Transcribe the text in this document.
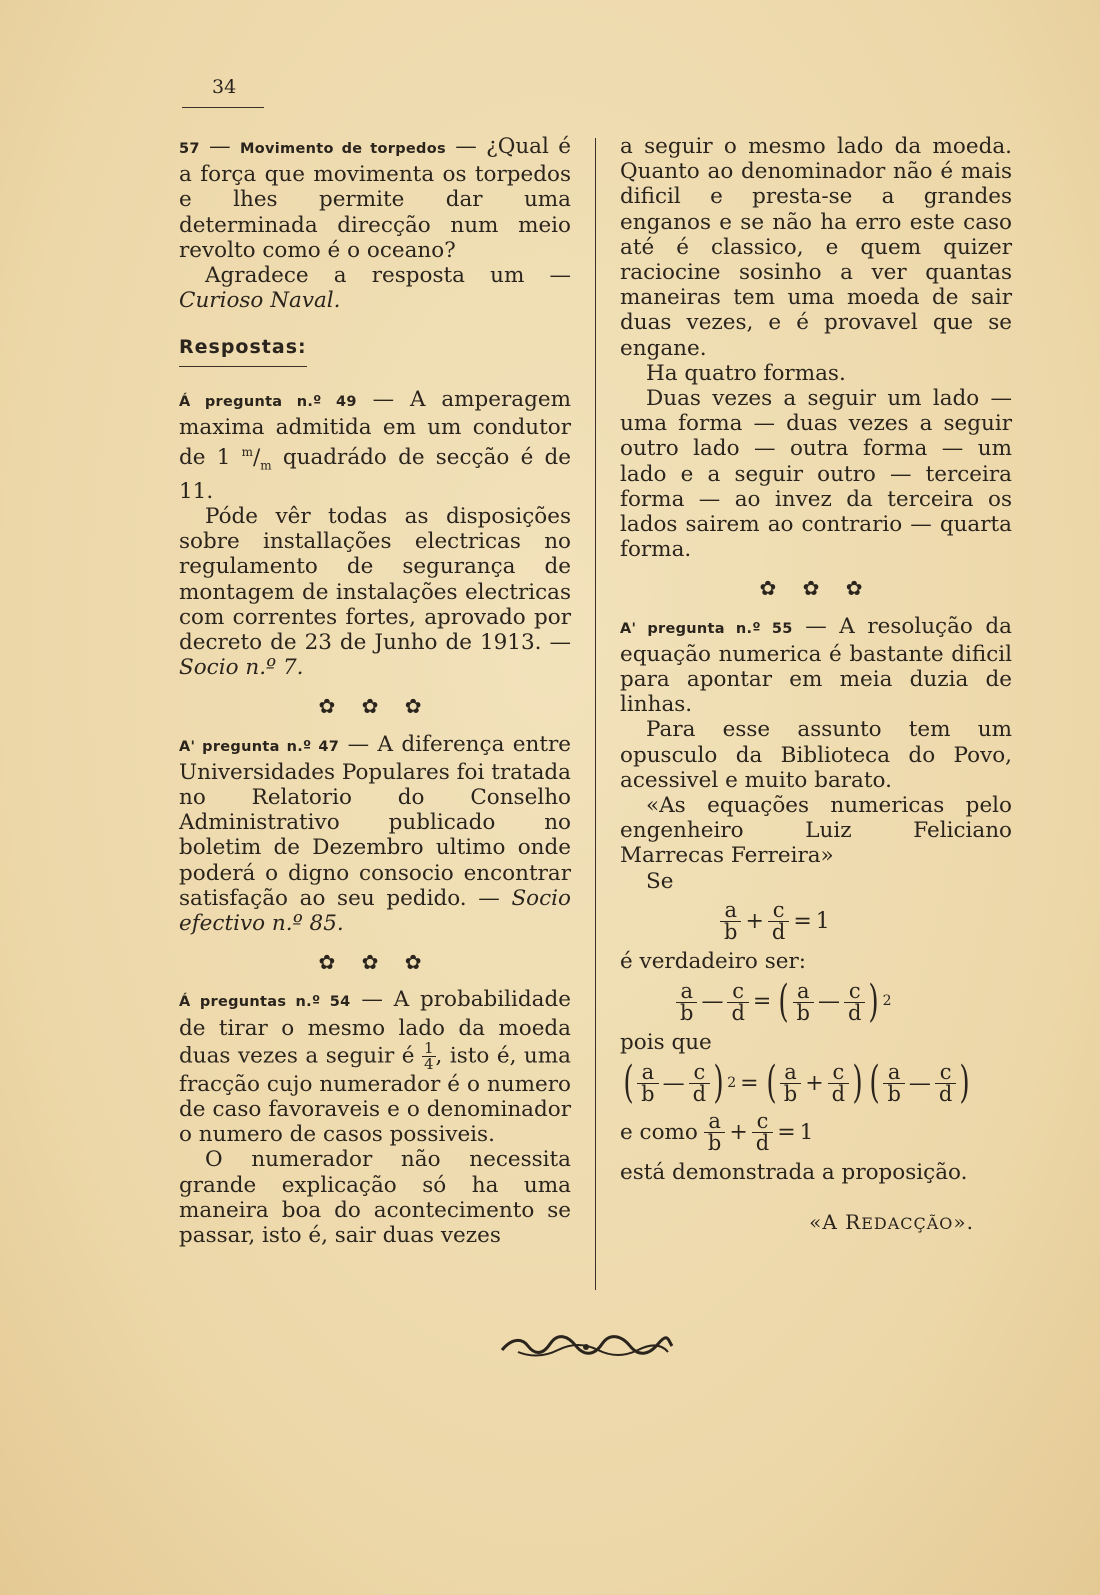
34

57 — Movimento de torpedos — ¿Qual é a força que movimenta os torpedos e lhes permite dar uma determinada direcção num meio revolto como é o oceano?

Agradece a resposta um — Curioso Naval.

Respostas:

Á pregunta n.º 49 — A amperagem maxima admitida em um condutor de 1 $^m/_m$ quadrádo de secção é de 11.

Póde vêr todas as disposições sobre installações electricas no regulamento de segurança de montagem de instalações electricas com correntes fortes, aprovado por decreto de 23 de Junho de 1913. — Socio n.º 7.

✿ ✿ ✿

A' pregunta n.º 47 — A diferença entre Universidades Populares foi tratada no Relatorio do Conselho Administrativo publicado no boletim de Dezembro ultimo onde poderá o digno consocio encontrar satisfação ao seu pedido. — Socio efectivo n.º 85.

✿ ✿ ✿

Á preguntas n.º 54 — A probabilidade de tirar o mesmo lado da moeda duas vezes a seguir é $\frac{1}{4}$ , isto é, uma fracção cujo numerador é o numero de caso favoraveis e o denominador o numero de casos possiveis.

O numerador não necessita grande explicação só ha uma maneira boa do acontecimento se passar, isto é, sair duas vezes

a seguir o mesmo lado da moeda. Quanto ao denominador não é mais dificil e presta-se a grandes enganos e se não ha erro este caso até é classico, e quem quizer raciocine sosinho a ver quantas maneiras tem uma moeda de sair duas vezes, e é provavel que se engane.

Ha quatro formas.

Duas vezes a seguir um lado — uma forma — duas vezes a seguir outro lado — outra forma — um lado e a seguir outro — terceira forma — ao invez da terceira os lados sairem ao contrario — quarta forma.

✿ ✿ ✿

A' pregunta n.º 55 — A resolução da equação numerica é bastante dificil para apontar em meia duzia de linhas.

Para esse assunto tem um opusculo da Biblioteca do Povo, acessivel e muito barato.

«As equações numericas pelo engenheiro Luiz Feliciano Marrecas Ferreira»

Se

$\frac{a}{b} + \frac{c}{d} = 1$

é verdadeiro ser:

$\frac{a}{b}$ — $\frac{c}{d}$ = ( $\frac{a}{b}$ — $\frac{c}{d}$ ) 2

pois que

( $\frac{a}{b}$ — $\frac{c}{d}$ ) 2 = ( $\frac{a}{b} + \frac{c}{d}$ ) ( $\frac{a}{b}$ — $\frac{c}{d}$ )
e como $\frac{a}{b} + \frac{c}{d} = 1$

está demonstrada a proposição.

«A REDACÇÃO».
